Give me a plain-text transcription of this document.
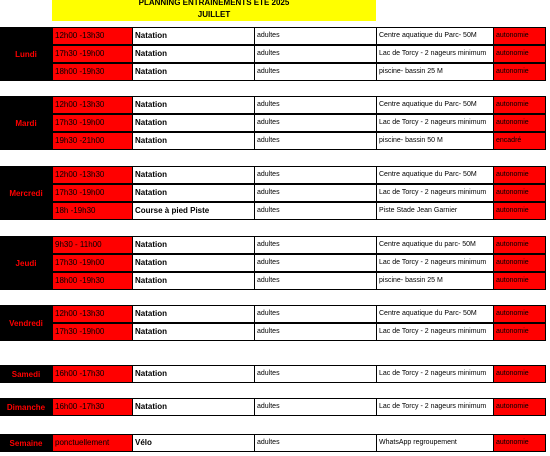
PLANNING ENTRAINEMENTS ETE 2025
JUILLET
Lundi
12h00 -13h30	Natation	adultes	Centre aquatique du Parc- 50M	autonomie
17h30 -19h00	Natation	adultes	Lac de Torcy - 2 nageurs minimum	autonomie
18h00 -19h30	Natation	adultes	piscine- bassin 25 M	autonomie
Mardi
12h00 -13h30	Natation	adultes	Centre aquatique du Parc- 50M	autonomie
17h30 -19h00	Natation	adultes	Lac de Torcy - 2 nageurs minimum	autonomie
19h30 -21h00	Natation	adultes	piscine- bassin 50 M	encadré
Mercredi
12h00 -13h30	Natation	adultes	Centre aquatique du Parc- 50M	autonomie
17h30 -19h00	Natation	adultes	Lac de Torcy - 2 nageurs minimum	autonomie
18h -19h30	Course à pied Piste	adultes	Piste Stade Jean Garnier	autonomie
Jeudi
9h30 - 11h00	Natation	adultes	Centre aquatique du parc- 50M	autonomie
17h30 -19h00	Natation	adultes	Lac de Torcy - 2 nageurs minimum	autonomie
18h00 -19h30	Natation	adultes	piscine- bassin 25 M	autonomie
Vendredi
12h00 -13h30	Natation	adultes	Centre aquatique du Parc- 50M	autonomie
17h30 -19h00	Natation	adultes	Lac de Torcy - 2 nageurs minimum	autonomie
Samedi	16h00 -17h30	Natation	adultes	Lac de Torcy - 2 nageurs minimum	autonomie
Dimanche	16h00 -17h30	Natation	adultes	Lac de Torcy - 2 nageurs minimum	autonomie
Semaine	ponctuellement	Vélo	adultes	WhatsApp regroupement	autonomie
